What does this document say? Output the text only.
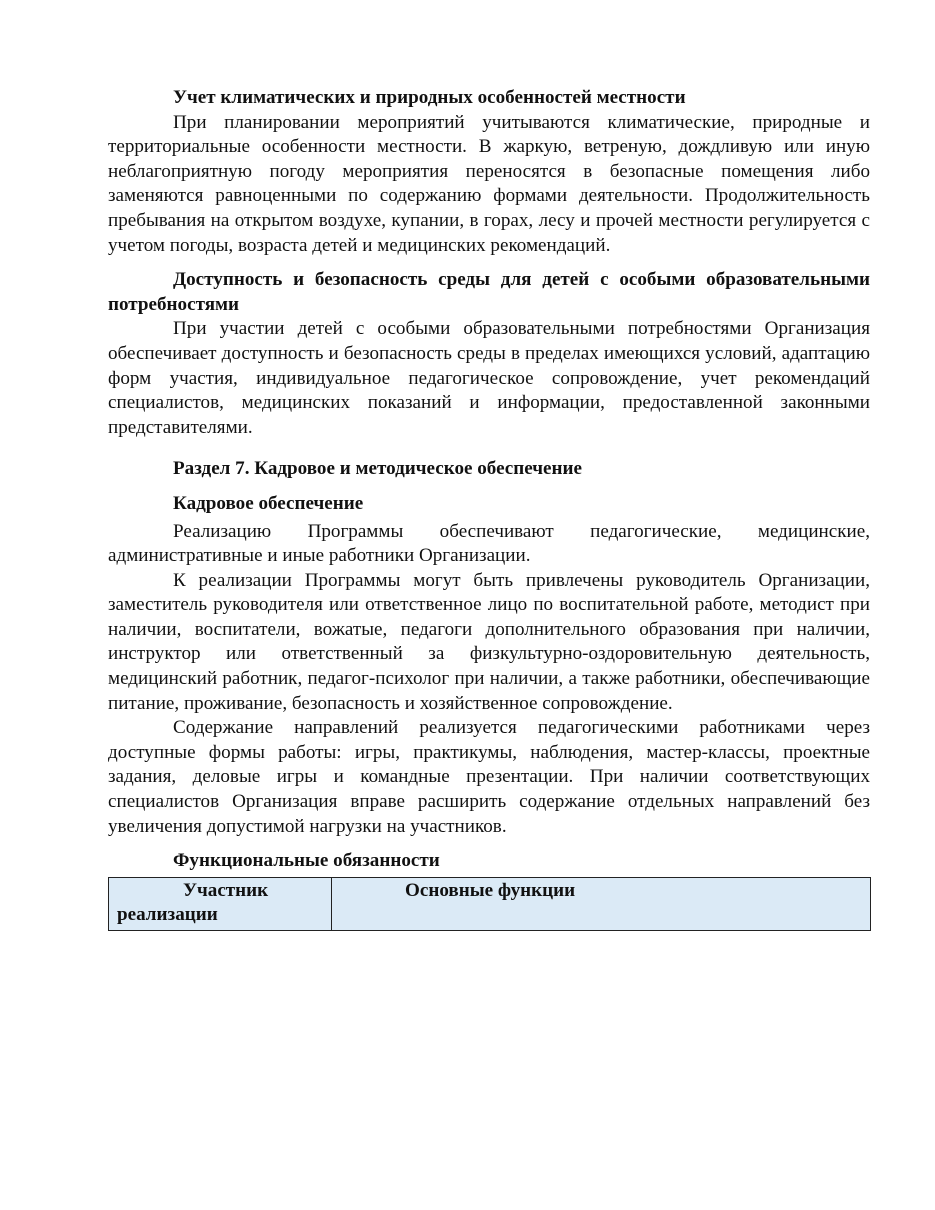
Учет климатических и природных особенностей местности

При планировании мероприятий учитываются климатические, природные и территориальные особенности местности. В жаркую, ветреную, дождливую или иную неблагоприятную погоду мероприятия переносятся в безопасные помещения либо заменяются равноценными по содержанию формами деятельности. Продолжительность пребывания на открытом воздухе, купании, в горах, лесу и прочей местности регулируется с учетом погоды, возраста детей и медицинских рекомендаций.

Доступность и безопасность среды для детей с особыми образовательными потребностями

При участии детей с особыми образовательными потребностями Организация обеспечивает доступность и безопасность среды в пределах имеющихся условий, адаптацию форм участия, индивидуальное педагогическое сопровождение, учет рекомендаций специалистов, медицинских показаний и информации, предоставленной законными представителями.

Раздел 7. Кадровое и методическое обеспечение

Кадровое обеспечение

Реализацию Программы обеспечивают педагогические, медицинские, административные и иные работники Организации.

К реализации Программы могут быть привлечены руководитель Организации, заместитель руководителя или ответственное лицо по воспитательной работе, методист при наличии, воспитатели, вожатые, педагоги дополнительного образования при наличии, инструктор или ответственный за физкультурно-оздоровительную деятельность, медицинский работник, педагог-психолог при наличии, а также работники, обеспечивающие питание, проживание, безопасность и хозяйственное сопровождение.

Содержание направлений реализуется педагогическими работниками через доступные формы работы: игры, практикумы, наблюдения, мастер-классы, проектные задания, деловые игры и командные презентации. При наличии соответствующих специалистов Организация вправе расширить содержание отдельных направлений без увеличения допустимой нагрузки на участников.

Функциональные обязанности

Участник реализации	Основные функции
